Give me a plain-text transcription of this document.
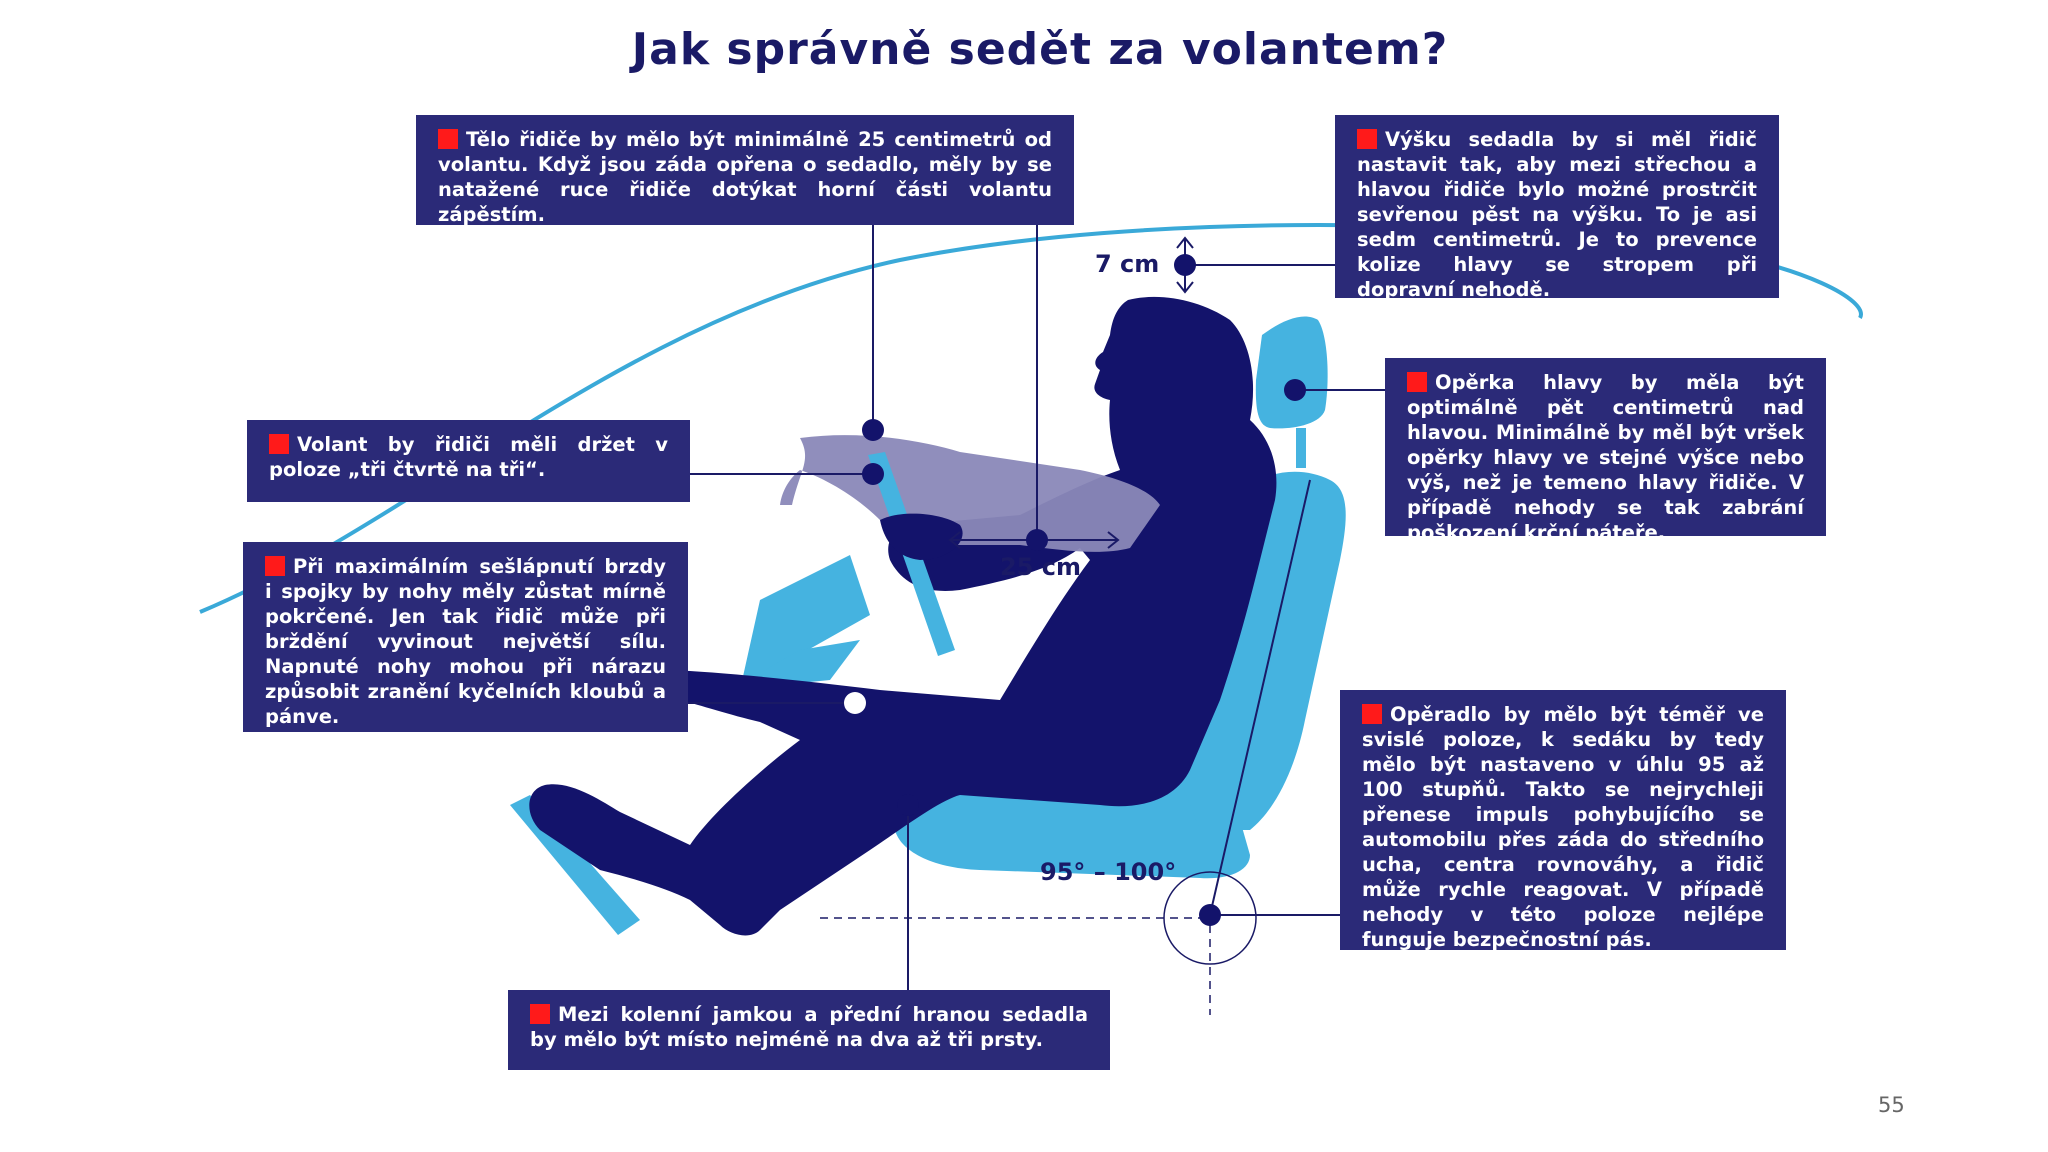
Jak správně sedět za volantem?
7 cm
25 cm
95° – 100°
Tělo řidiče by mělo být minimálně 25 centimetrů od volantu. Když jsou záda opřena o sedadlo, měly by se natažené ruce řidiče dotýkat horní části volantu zápěstím.
Výšku sedadla by si měl řidič nastavit tak, aby mezi střechou a hlavou řidiče bylo možné prostrčit sevřenou pěst na výšku. To je asi sedm centimetrů. Je to prevence kolize hlavy se stropem při dopravní nehodě.
Volant by řidiči měli držet v poloze „tři čtvrtě na tři“.
Opěrka hlavy by měla být optimálně pět centimetrů nad hlavou. Minimálně by měl být vršek opěrky hlavy ve stejné výšce nebo výš, než je temeno hlavy řidiče. V případě nehody se tak zabrání poškození krční páteře.
Při maximálním sešlápnutí brzdy i spojky by nohy měly zůstat mírně pokrčené. Jen tak řidič může při brždění vyvinout největší sílu. Napnuté nohy mohou při nárazu způsobit zranění kyčelních kloubů a pánve.	Opěradlo by mělo být téměř ve svislé poloze, k sedáku by tedy mělo být nastaveno v úhlu 95 až 100 stupňů. Takto se nejrychleji přenese impuls pohybujícího se automobilu přes záda do středního ucha, centra rovnováhy, a řidič může rychle reagovat. V případě nehody v této poloze nejlépe funguje bezpečnostní pás.
Mezi kolenní jamkou a přední hranou sedadla by mělo být místo nejméně na dva až tři prsty.
55
